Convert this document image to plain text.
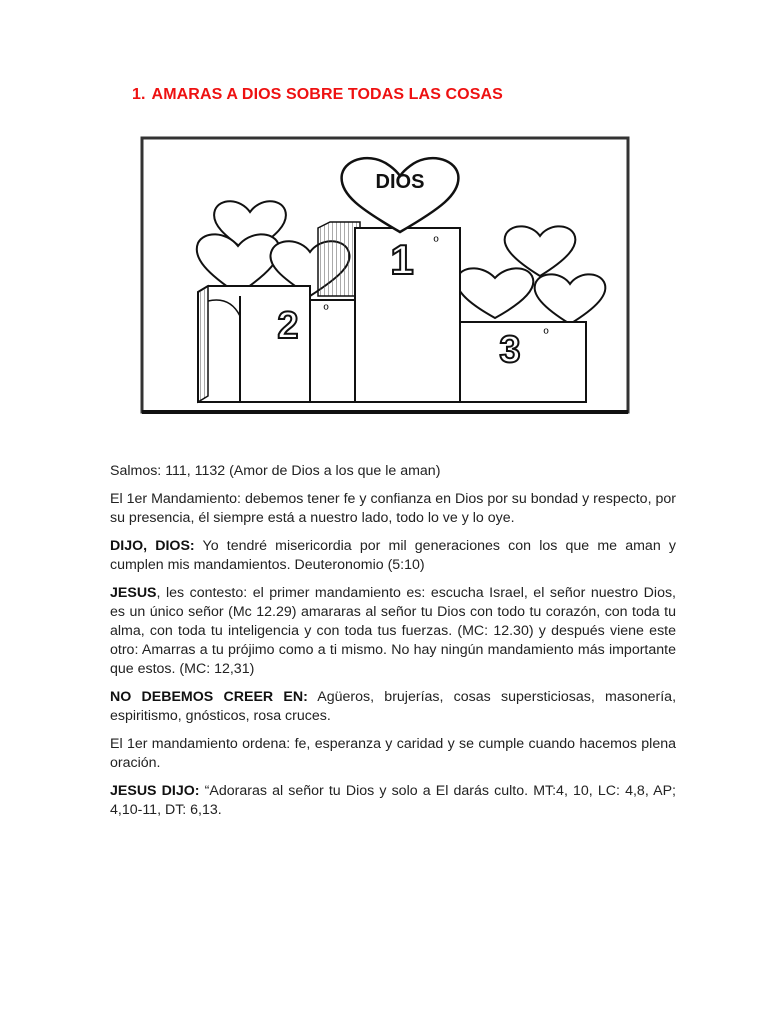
1. AMARAS A DIOS SOBRE TODAS LAS COSAS
DIOS
1 º
2 º
3 º

Salmos: 111, 1132 (Amor de Dios a los que le aman)

El 1er Mandamiento: debemos tener fe y confianza en Dios por su bondad y respecto, por su presencia, él siempre está a nuestro lado, todo lo ve y lo oye.

DIJO, DIOS: Yo tendré misericordia por mil generaciones con los que me aman y cumplen mis mandamientos. Deuteronomio (5:10)

JESUS, les contesto: el primer mandamiento es: escucha Israel, el señor nuestro Dios, es un único señor (Mc 12.29) amararas al señor tu Dios con todo tu corazón, con toda tu alma, con toda tu inteligencia y con toda tus fuerzas. (MC: 12.30) y después viene este otro: Amarras a tu prójimo como a ti mismo. No hay ningún mandamiento más importante que estos. (MC: 12,31)

NO DEBEMOS CREER EN: Agüeros, brujerías, cosas supersticiosas, masonería, espiritismo, gnósticos, rosa cruces.

El 1er mandamiento ordena: fe, esperanza y caridad y se cumple cuando hacemos plena oración.

JESUS DIJO: “Adoraras al señor tu Dios y solo a El darás culto. MT:4, 10, LC: 4,8, AP; 4,10-11, DT: 6,13.
